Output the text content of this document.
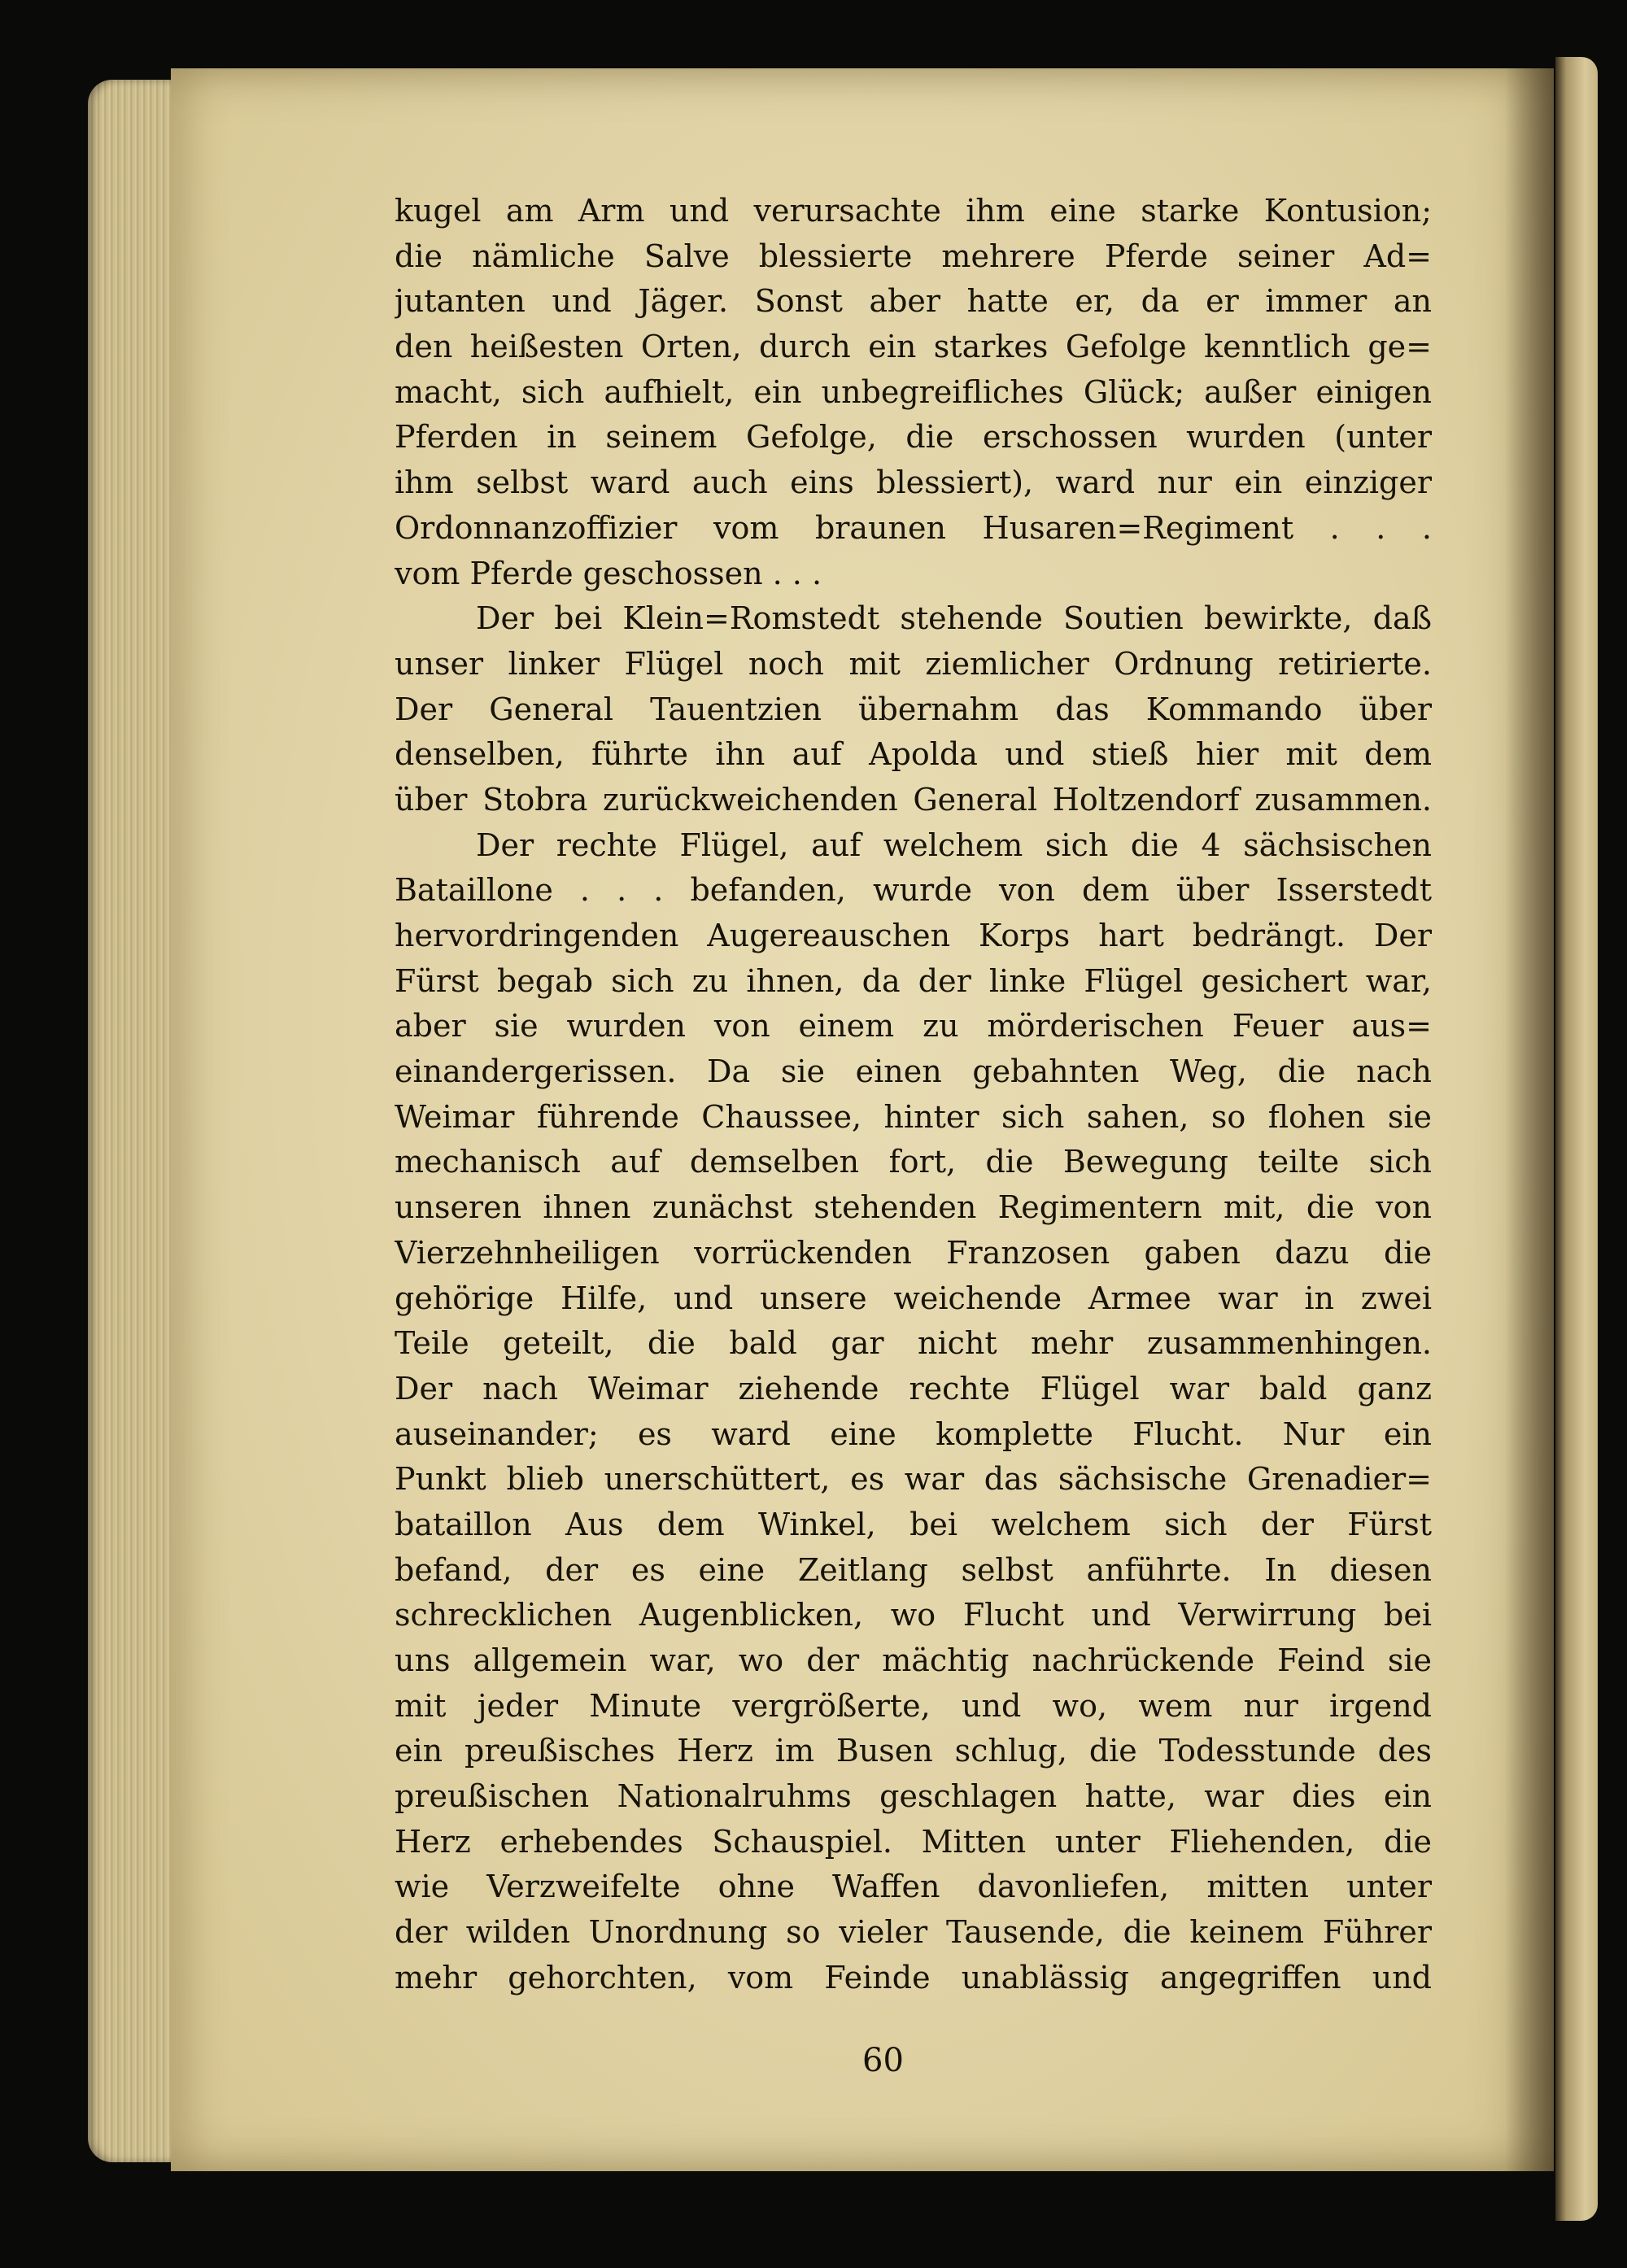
kugel am Arm und verursachte ihm eine starke Kontusion;
die nämliche Salve blessierte mehrere Pferde seiner Ad=
jutanten und Jäger. Sonst aber hatte er, da er immer an
den heißesten Orten, durch ein starkes Gefolge kenntlich ge=
macht, sich aufhielt, ein unbegreifliches Glück; außer einigen
Pferden in seinem Gefolge, die erschossen wurden (unter
ihm selbst ward auch eins blessiert), ward nur ein einziger
Ordonnanzoffizier vom braunen Husaren=Regiment . . .
vom Pferde geschossen . . .
Der bei Klein=Romstedt stehende Soutien bewirkte, daß
unser linker Flügel noch mit ziemlicher Ordnung retirierte.
Der General Tauentzien übernahm das Kommando über
denselben, führte ihn auf Apolda und stieß hier mit dem
über Stobra zurückweichenden General Holtzendorf zusammen.
Der rechte Flügel, auf welchem sich die 4 sächsischen
Bataillone . . . befanden, wurde von dem über Isserstedt
hervordringenden Augereauschen Korps hart bedrängt. Der
Fürst begab sich zu ihnen, da der linke Flügel gesichert war,
aber sie wurden von einem zu mörderischen Feuer aus=
einandergerissen. Da sie einen gebahnten Weg, die nach
Weimar führende Chaussee, hinter sich sahen, so flohen sie
mechanisch auf demselben fort, die Bewegung teilte sich
unseren ihnen zunächst stehenden Regimentern mit, die von
Vierzehnheiligen vorrückenden Franzosen gaben dazu die
gehörige Hilfe, und unsere weichende Armee war in zwei
Teile geteilt, die bald gar nicht mehr zusammenhingen.
Der nach Weimar ziehende rechte Flügel war bald ganz
auseinander; es ward eine komplette Flucht. Nur ein
Punkt blieb unerschüttert, es war das sächsische Grenadier=
bataillon Aus dem Winkel, bei welchem sich der Fürst
befand, der es eine Zeitlang selbst anführte. In diesen
schrecklichen Augenblicken, wo Flucht und Verwirrung bei
uns allgemein war, wo der mächtig nachrückende Feind sie
mit jeder Minute vergrößerte, und wo, wem nur irgend
ein preußisches Herz im Busen schlug, die Todesstunde des
preußischen Nationalruhms geschlagen hatte, war dies ein
Herz erhebendes Schauspiel. Mitten unter Fliehenden, die
wie Verzweifelte ohne Waffen davonliefen, mitten unter
der wilden Unordnung so vieler Tausende, die keinem Führer
mehr gehorchten, vom Feinde unablässig angegriffen und
60
